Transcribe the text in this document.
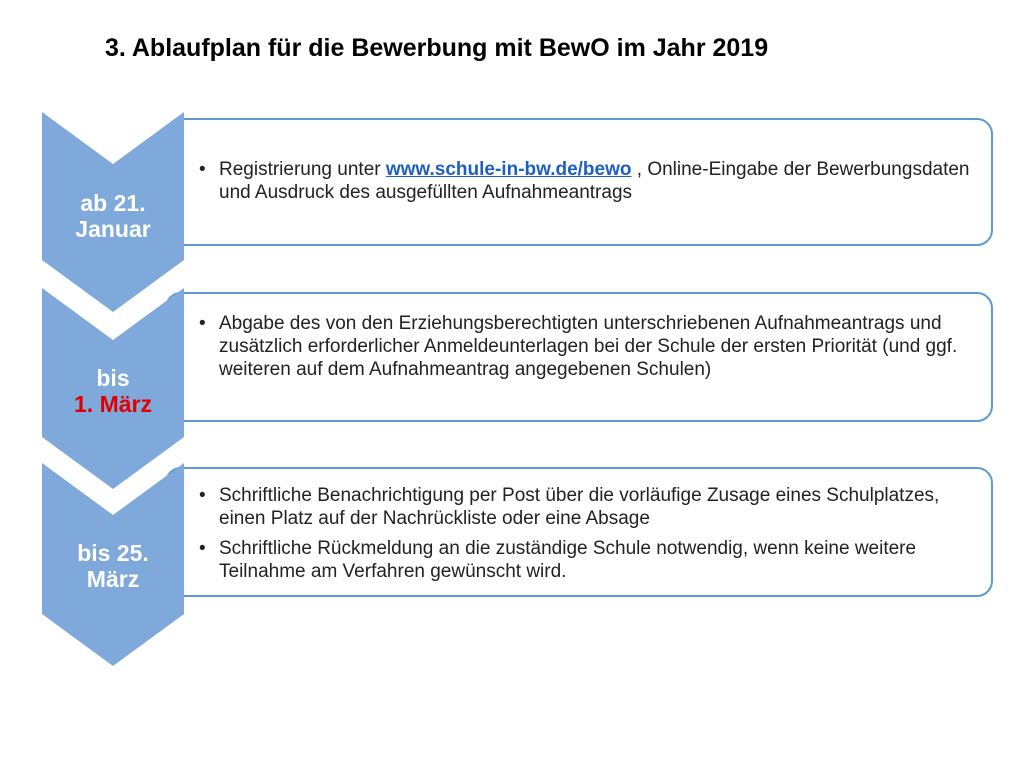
3. Ablaufplan für die Bewerbung mit BewO im Jahr 2019
• Registrierung unter www.schule-in-bw.de/bewo , Online-Eingabe der Bewerbungsdaten und Ausdruck des ausgefüllten Aufnahmeantrags
• Abgabe des von den Erziehungsberechtigten unterschriebenen Aufnahmeantrags und zusätzlich erforderlicher Anmeldeunterlagen bei der Schule der ersten Priorität (und ggf. weiteren auf dem Aufnahmeantrag angegebenen Schulen)
• Schriftliche Benachrichtigung per Post über die vorläufige Zusage eines Schulplatzes, einen Platz auf der Nachrückliste oder eine Absage
• Schriftliche Rückmeldung an die zuständige Schule notwendig, wenn keine weitere Teilnahme am Verfahren gewünscht wird.
ab 21.
Januar
bis
1. März
bis 25.
März
